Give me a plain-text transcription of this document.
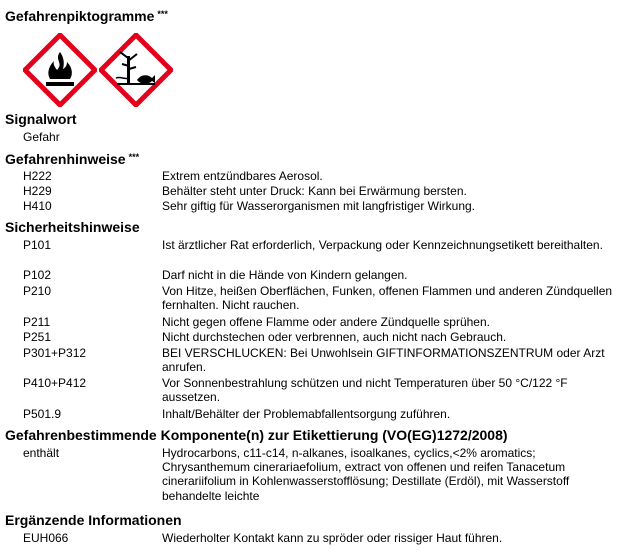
Gefahrenpiktogramme ***
Signalwort
Gefahr
Gefahrenhinweise ***
H222	Extrem entzündbares Aerosol.
H229	Behälter steht unter Druck: Kann bei Erwärmung bersten.
H410	Sehr giftig für Wasserorganismen mit langfristiger Wirkung.
Sicherheitshinweise
P101	Ist ärztlicher Rat erforderlich, Verpackung oder Kennzeichnungsetikett bereithalten.
P102	Darf nicht in die Hände von Kindern gelangen.
P210	Von Hitze, heißen Oberflächen, Funken, offenen Flammen und anderen Zündquellen fernhalten. Nicht rauchen.
P211	Nicht gegen offene Flamme oder andere Zündquelle sprühen.
P251	Nicht durchstechen oder verbrennen, auch nicht nach Gebrauch.
P301+P312	BEI VERSCHLUCKEN: Bei Unwohlsein GIFTINFORMATIONSZENTRUM oder Arzt anrufen.
P410+P412	Vor Sonnenbestrahlung schützen und nicht Temperaturen über 50 °C/122 °F aussetzen.
P501.9	Inhalt/Behälter der Problemabfallentsorgung zuführen.
Gefahrenbestimmende Komponente(n) zur Etikettierung (VO(EG)1272/2008)
enthält	Hydrocarbons, c11-c14, n-alkanes, isoalkanes, cyclics,<2% aromatics; Chrysanthemum cinerariaefolium, extract von offenen und reifen Tanacetum cinerariifolium in Kohlenwasserstofflösung; Destillate (Erdöl), mit Wasserstoff behandelte leichte
Ergänzende Informationen
EUH066	Wiederholter Kontakt kann zu spröder oder rissiger Haut führen.
